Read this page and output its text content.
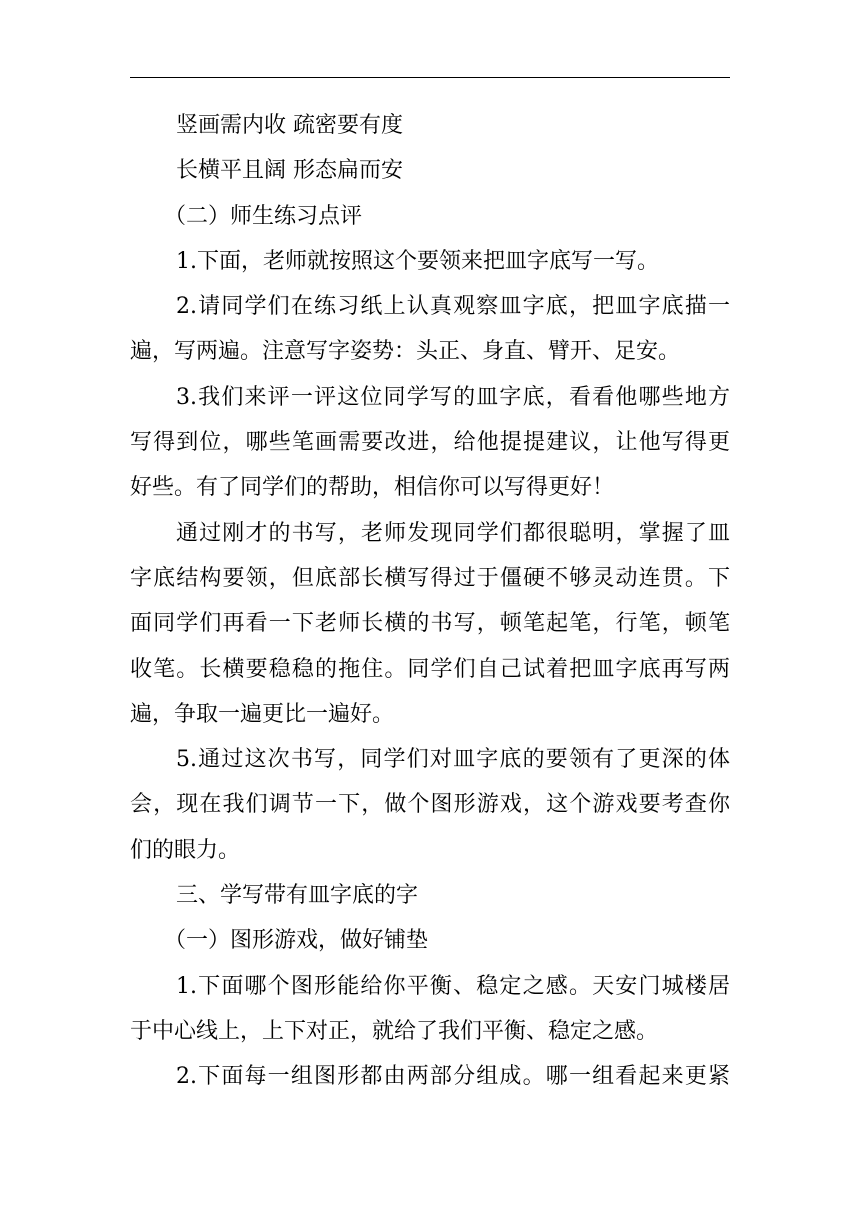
竖画需内收 疏密要有度
长横平且阔 形态扁而安
（二）师生练习点评
1.下面，老师就按照这个要领来把皿字底写一写。
2.请同学们在练习纸上认真观察皿字底，把皿字底描一
遍，写两遍。注意写字姿势：头正、身直、臂开、足安。
3.我们来评一评这位同学写的皿字底，看看他哪些地方
写得到位，哪些笔画需要改进，给他提提建议，让他写得更
好些。有了同学们的帮助，相信你可以写得更好！
通过刚才的书写，老师发现同学们都很聪明，掌握了皿
字底结构要领，但底部长横写得过于僵硬不够灵动连贯。下
面同学们再看一下老师长横的书写，顿笔起笔，行笔，顿笔
收笔。长横要稳稳的拖住。同学们自己试着把皿字底再写两
遍，争取一遍更比一遍好。
5.通过这次书写，同学们对皿字底的要领有了更深的体
会，现在我们调节一下，做个图形游戏，这个游戏要考查你
们的眼力。
三、学写带有皿字底的字
（一）图形游戏，做好铺垫
1.下面哪个图形能给你平衡、稳定之感。天安门城楼居
于中心线上，上下对正，就给了我们平衡、稳定之感。
2.下面每一组图形都由两部分组成。哪一组看起来更紧
